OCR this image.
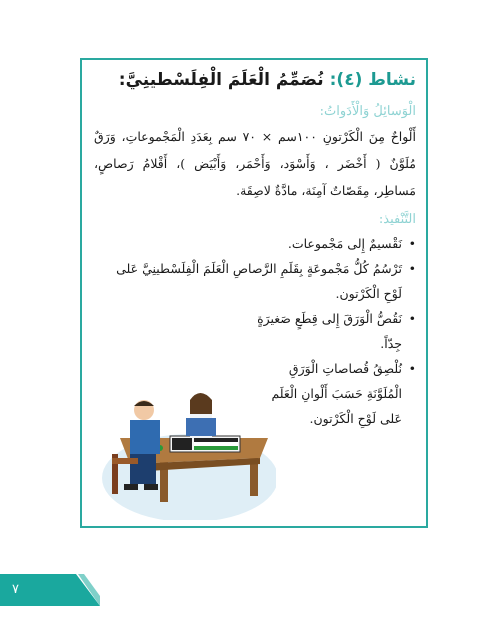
نشاط (٤): نُصَمِّمُ الْعَلَمَ الْفِلَسْطينِيَّ:
الْوَسائِلُ وَالْأَدَواتُ:

أَلْواحٌ مِنَ الْكَرْتونِ ١٠٠سم × ٧٠ سم بِعَدَدِ الْمَجْموعاتِ، وَرَقٌ مُلَوَّنٌ ( أَخْضَر ، وَأَسْوَد، وَأَحْمَر، وَأَبْيَض )، أَقْلامُ رَصاصٍ، مَساطِر، مِقَصّاتٌ آمِنَة، مادَّةٌ لاصِقَة.

التَّنْفيذ:
•
نَقْسيمٌ إِلى مَجْموعات.
•
تَرْسُمُ كُلُّ مَجْموعَةٍ بِقَلَمِ الرَّصاصِ الْعَلَمَ الْفِلَسْطينِيَّ عَلى لَوْحِ الْكَرْتون.
•
نَقُصُّ الْوَرَقَ إِلى قِطَعٍ صَغيرَةٍ جِدّاً.
•
نُلْصِقُ قُصاصاتِ الْوَرَقِ الْمُلَوَّنَةِ حَسَبَ أَلْوانِ الْعَلَم عَلى لَوْحِ الْكَرْتون.
٧
